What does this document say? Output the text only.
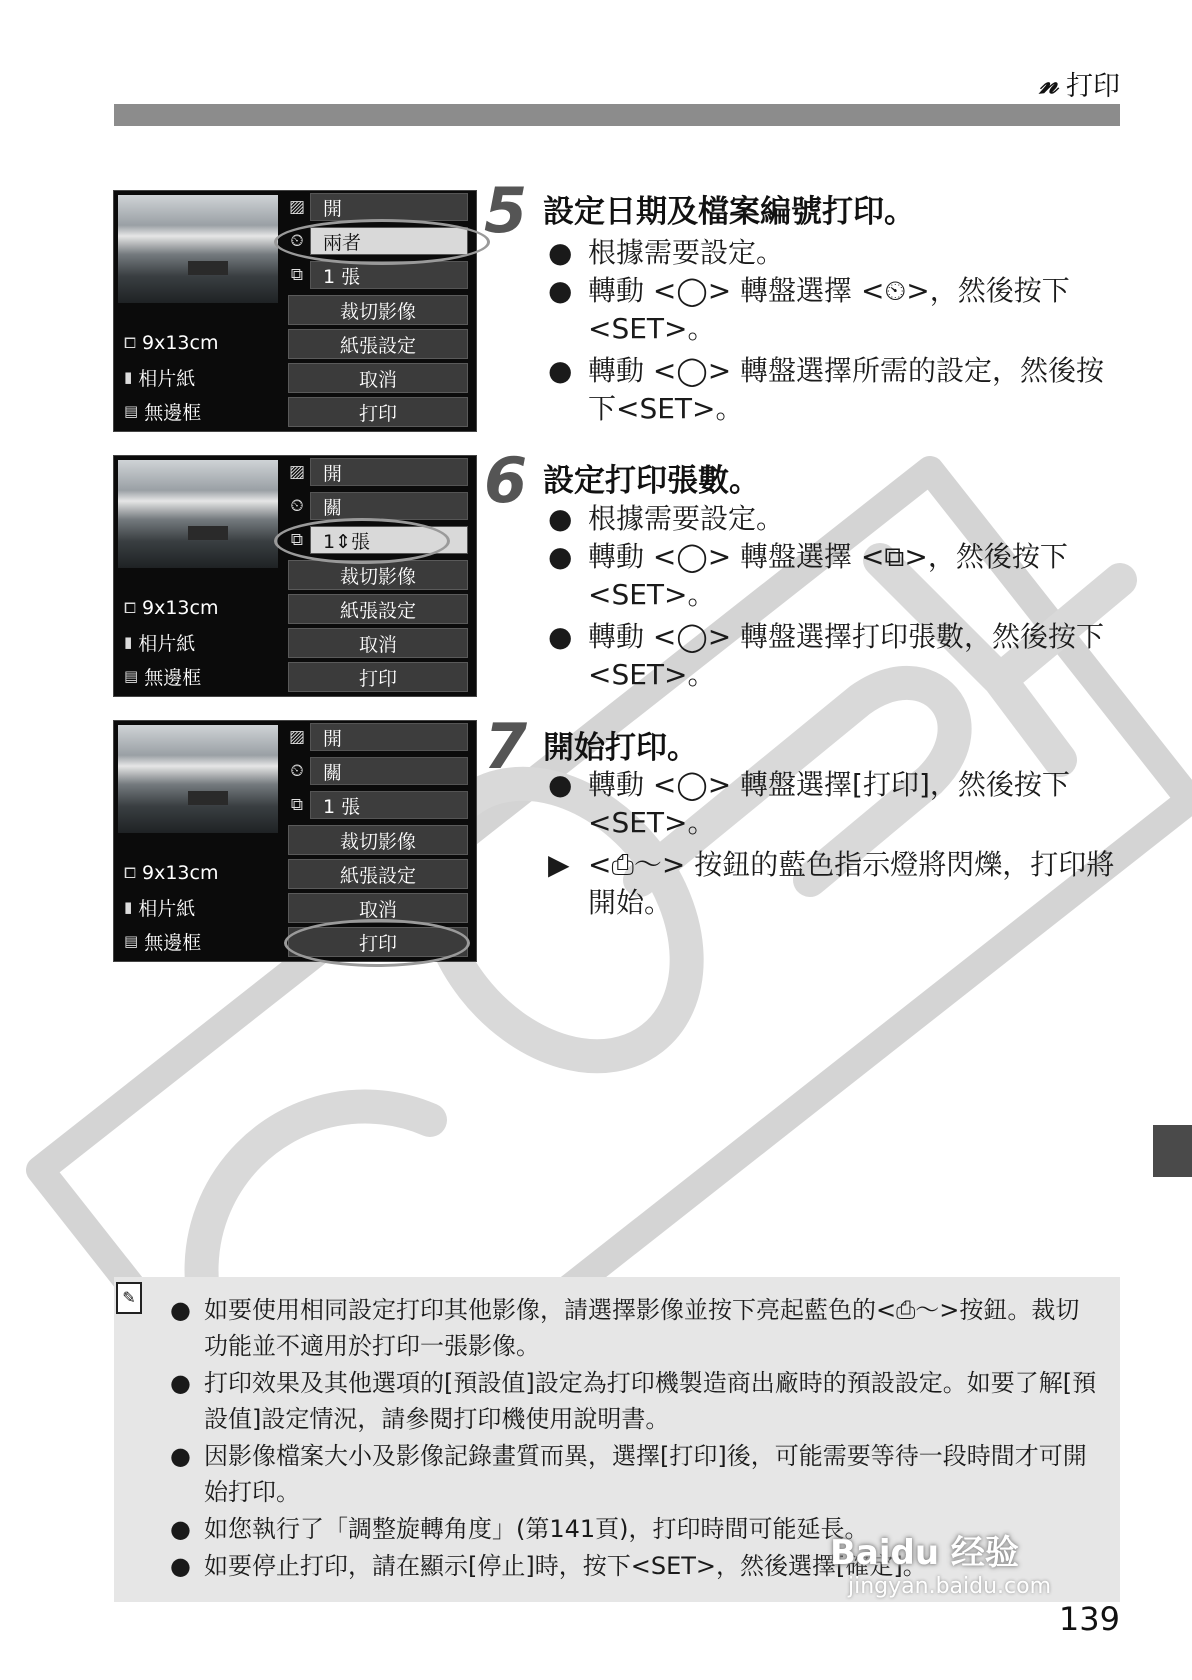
𝓃 打印
▨ 開
⏲	兩者
⧉	1 張
裁切影像
紙張設定
取消
打印
⧠ 9x13cm
▮ 相片紙
▤ 無邊框
▨ 開
⏲	關
⧉	1⇕張
裁切影像
紙張設定
取消
打印
⧠ 9x13cm
▮ 相片紙
▤ 無邊框
▨ 開
⏲	關
⧉	1 張
裁切影像
紙張設定
取消
打印
⧠ 9x13cm
▮ 相片紙
▤ 無邊框
5 設定日期及檔案編號打印。
● 根據需要設定。
● 轉動 <◯> 轉盤選擇 <⏲>，然後按下<SET>。
● 轉動 <◯> 轉盤選擇所需的設定，然後按下<SET>。
6 設定打印張數。
● 根據需要設定。
● 轉動 <◯> 轉盤選擇 <⧉>，然後按下<SET>。
● 轉動 <◯> 轉盤選擇打印張數，然後按下<SET>。
7 開始打印。
● 轉動 <◯> 轉盤選擇[打印]，然後按下<SET>。
▶ <⎙〜> 按鈕的藍色指示燈將閃爍，打印將開始。
✎ ● 如要使用相同設定打印其他影像，請選擇影像並按下亮起藍色的<⎙〜>按鈕。裁切功能並不適用於打印一張影像。
● 打印效果及其他選項的[預設值]設定為打印機製造商出廠時的預設設定。如要了解[預設值]設定情況，請參閱打印機使用說明書。
● 因影像檔案大小及影像記錄畫質而異，選擇[打印]後，可能需要等待一段時間才可開始打印。
● 如您執行了「調整旋轉角度」(第141頁)，打印時間可能延長。
● 如要停止打印，請在顯示[停止]時，按下<SET>，然後選擇[確定]。
Baidu 经验
jingyan.baidu.com
139
